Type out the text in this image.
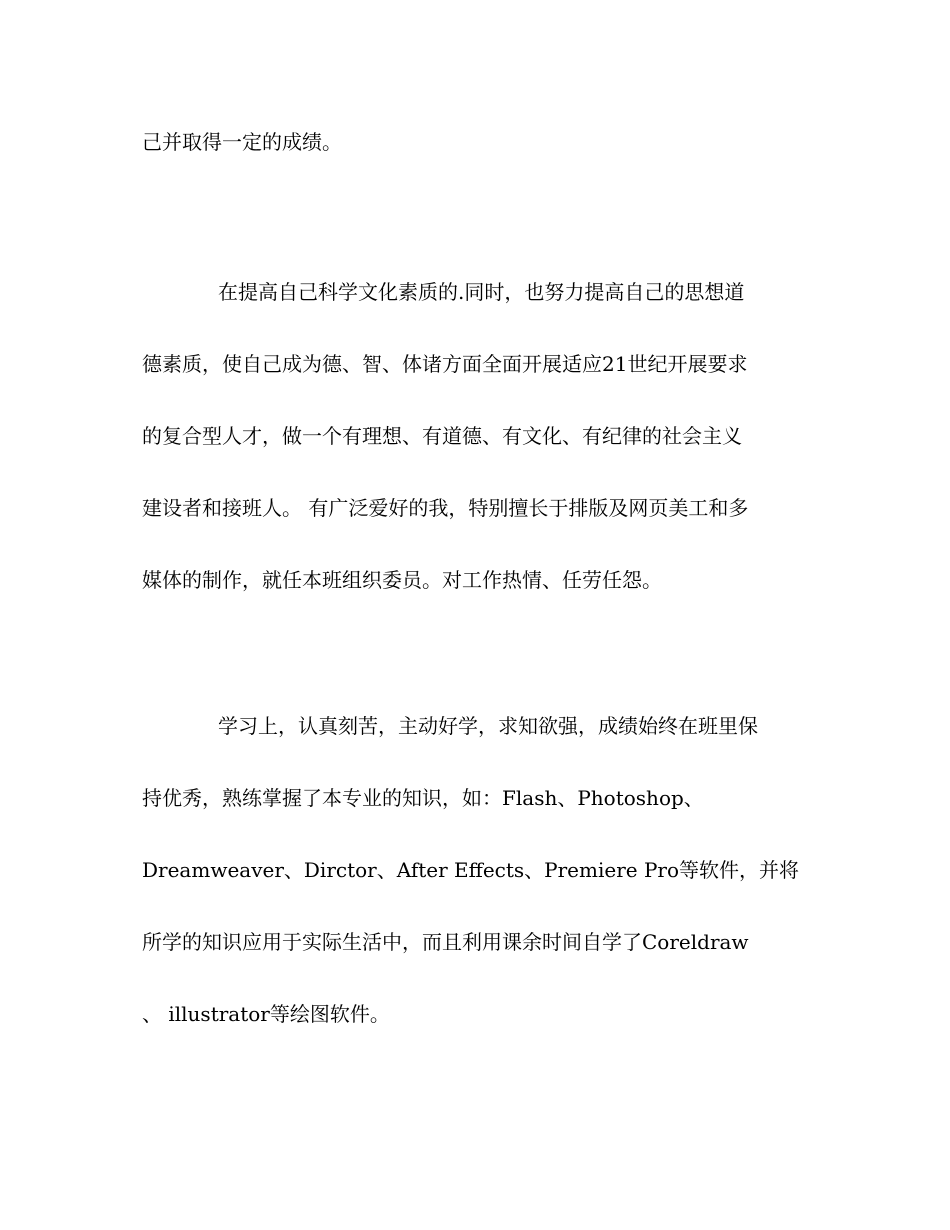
己并取得一定的成绩。
在提高自己科学文化素质的.同时，也努力提高自己的思想道
德素质，使自己成为德、智、体诸方面全面开展适应21世纪开展要求
的复合型人才，做一个有理想、有道德、有文化、有纪律的社会主义
建设者和接班人。 有广泛爱好的我，特别擅长于排版及网页美工和多
媒体的制作，就任本班组织委员。对工作热情、任劳任怨。
学习上，认真刻苦，主动好学，求知欲强，成绩始终在班里保
持优秀，熟练掌握了本专业的知识，如：Flash、Photoshop、
Dreamweaver、Dirctor、After Effects、Premiere Pro等软件，并将
所学的知识应用于实际生活中，而且利用课余时间自学了Coreldraw
、 illustrator等绘图软件。
